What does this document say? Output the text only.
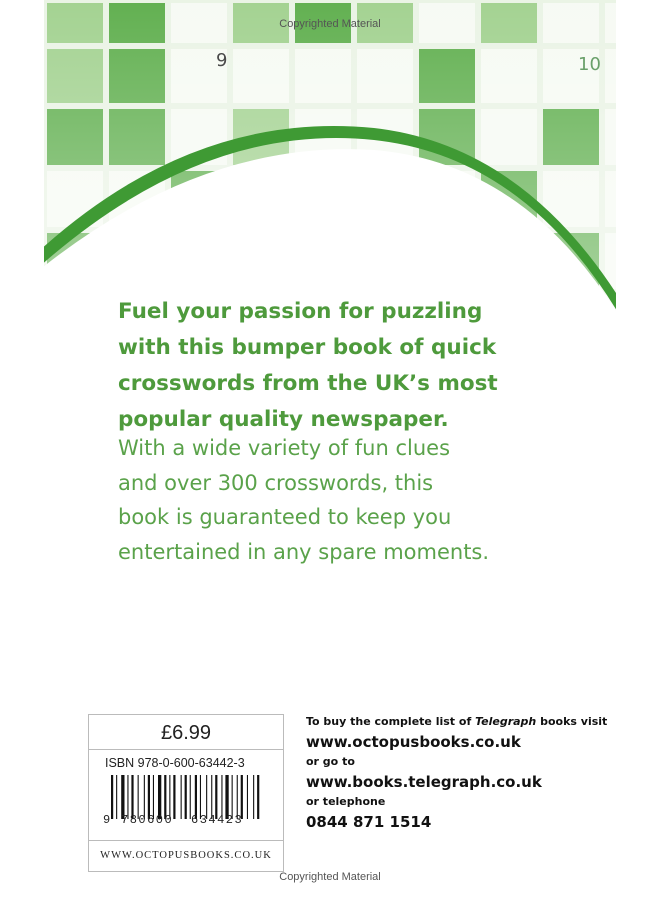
Copyrighted Material
9	10
Fuel your passion for puzzling
with this bumper book of quick
crosswords from the UK’s most
popular quality newspaper.
With a wide variety of fun clues
and over 300 crosswords, this
book is guaranteed to keep you
entertained in any spare moments.
£6.99
ISBN 978-0-600-63442-3
9 780600 634423
WWW.OCTOPUSBOOKS.CO.UK
To buy the complete list of Telegraph books visit
www.octopusbooks.co.uk
or go to
www.books.telegraph.co.uk
or telephone
0844 871 1514
Copyrighted Material
